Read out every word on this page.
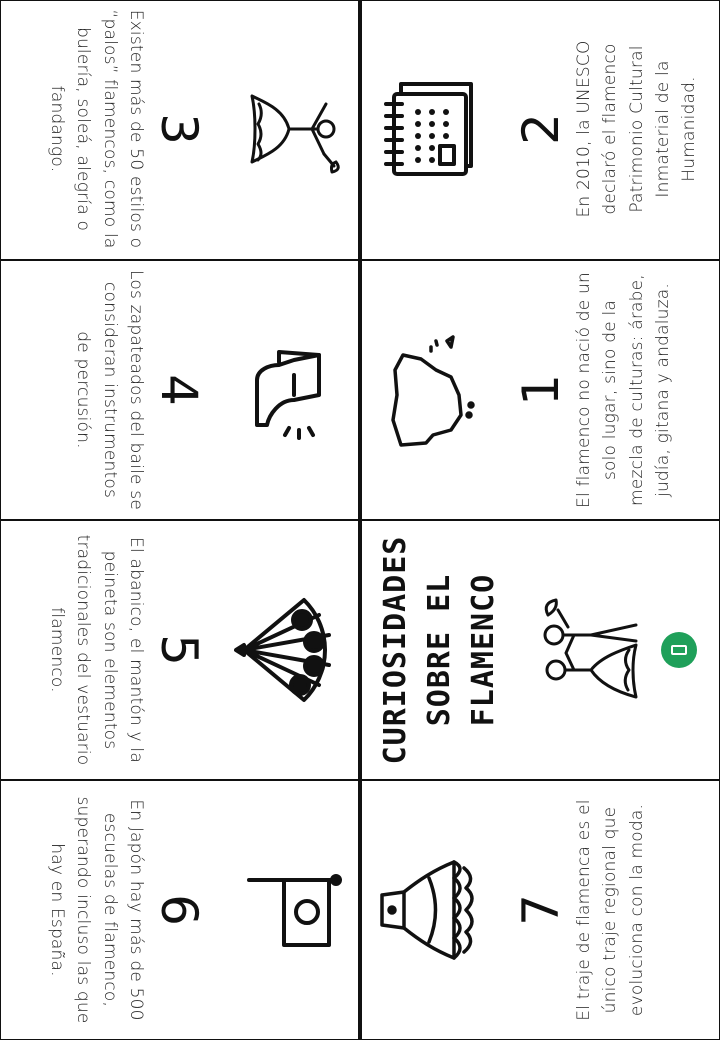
3
Existen más de 50 estilos o “palos” flamencos, como la bulería, soleá, alegría o fandango.
4
Los zapateados del baile se consideran instrumentos de percusión.
5
El abanico, el mantón y la peineta son elementos tradicionales del vestuario flamenco.
6
En Japón hay más de 500 escuelas de flamenco, superando incluso las que hay en España.
2 En 2010, la UNESCO declaró el flamenco Patrimonio Cultural Inmaterial de la Humanidad.
1 El flamenco no nació de un solo lugar, sino de la mezcla de culturas: árabe, judía, gitana y andaluza.
CURIOSIDADES SOBRE EL FLAMENCO
7 El traje de flamenca es el único traje regional que evoluciona con la moda.
